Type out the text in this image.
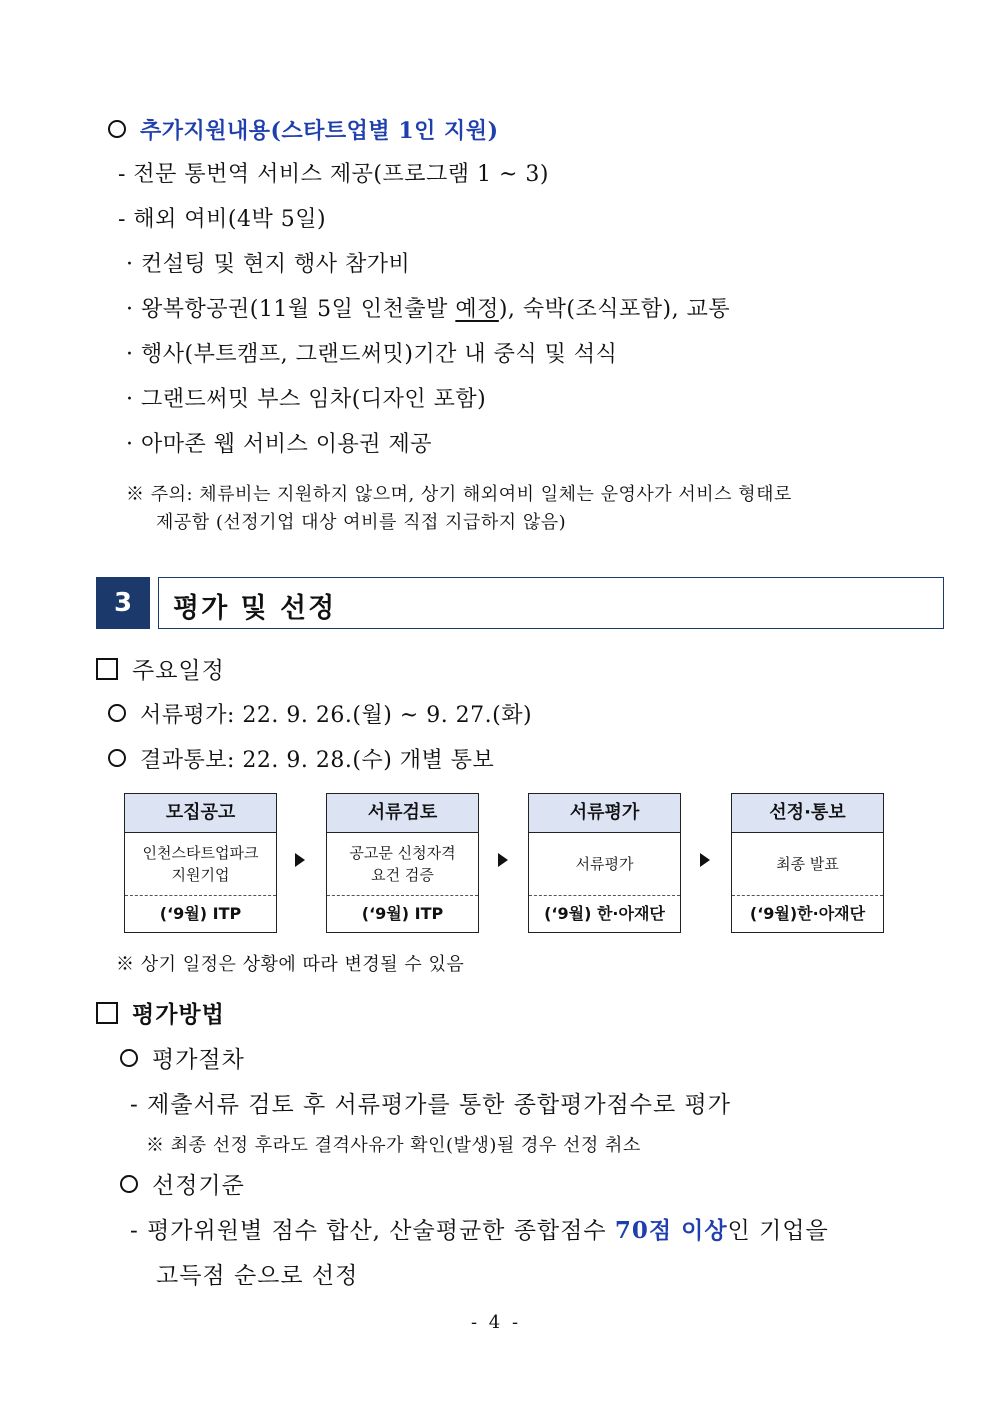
추가지원내용(스타트업별 1인 지원)
- 전문 통번역 서비스 제공(프로그램 1 ~ 3)
- 해외 여비(4박 5일)
· 컨설팅 및 현지 행사 참가비
· 왕복항공권(11월 5일 인천출발 예정), 숙박(조식포함), 교통
· 행사(부트캠프, 그랜드써밋)기간 내 중식 및 석식
· 그랜드써밋 부스 임차(디자인 포함)
· 아마존 웹 서비스 이용권 제공
※ 주의: 체류비는 지원하지 않으며, 상기 해외여비 일체는 운영사가 서비스 형태로
제공함 (선정기업 대상 여비를 직접 지급하지 않음)
3	평가 및 선정
주요일정
서류평가: 22. 9. 26.(월) ~ 9. 27.(화)
결과통보: 22. 9. 28.(수) 개별 통보
모집공고
인천스타트업파크
지원기업
(‘9월) ITP
서류검토
공고문 신청자격
요건 검증
(‘9월) ITP
서류평가
서류평가
(‘9월) 한·아재단
선정·통보
최종 발표
(‘9월)한·아재단
※ 상기 일정은 상황에 따라 변경될 수 있음
평가방법
평가절차
- 제출서류 검토 후 서류평가를 통한 종합평가점수로 평가
※ 최종 선정 후라도 결격사유가 확인(발생)될 경우 선정 취소
선정기준
- 평가위원별 점수 합산, 산술평균한 종합점수 70점 이상인 기업을
고득점 순으로 선정
- 4 -
